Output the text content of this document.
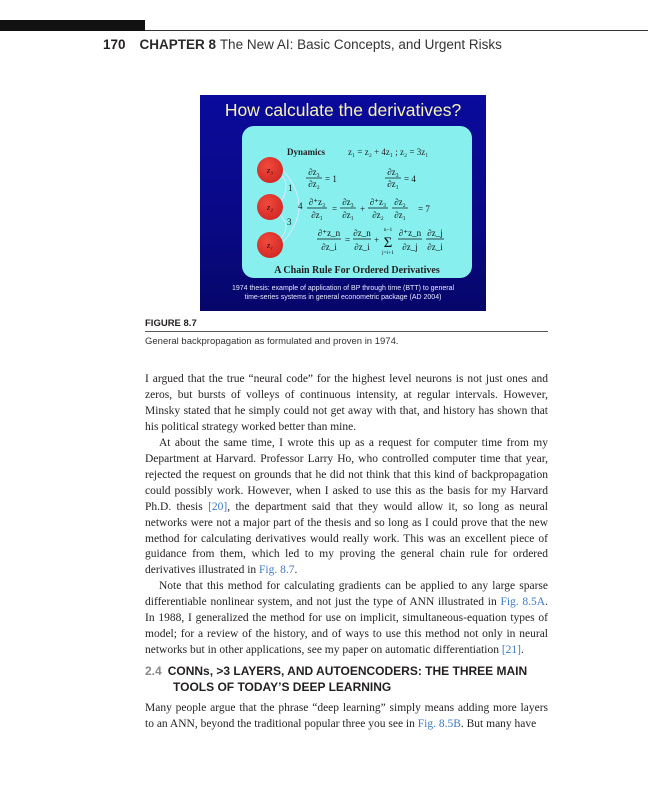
170 CHAPTER 8 The New AI: Basic Concepts, and Urgent Risks
How calculate the derivatives?
Dynamics	z₁ = z₂ + 4z₁ ; z₂ = 3z₁
∂z₃
∂z₂ = 1
∂z₃
∂z₁ = 4
∂⁺z₃
∂z₁
=
∂z₃
∂z₁
+
∂⁺z₃
∂z₂
∂z₂
∂z₁
= 7
∂⁺z_n
∂z_i
=
∂z_n
∂z_i
+
n−1
Σ
j=i+1
∂⁺z_n
∂z_j
∂z_j
∂z_i
A Chain Rule For Ordered Derivatives
1
4
3
z₃
z₂
z₁
1974 thesis: example of application of BP through time (BTT) to general
time-series systems in general econometric package (AD 2004)
FIGURE 8.7
General backpropagation as formulated and proven in 1974.

I argued that the true “neural code” for the highest level neurons is not just ones and zeros, but bursts of volleys of continuous intensity, at regular intervals. However, Minsky stated that he simply could not get away with that, and history has shown that his political strategy worked better than mine.

At about the same time, I wrote this up as a request for computer time from my Department at Harvard. Professor Larry Ho, who controlled computer time that year, rejected the request on grounds that he did not think that this kind of backpropagation could possibly work. However, when I asked to use this as the basis for my Harvard Ph.D. thesis [20], the department said that they would allow it, so long as neural networks were not a major part of the thesis and so long as I could prove that the new method for calculating derivatives would really work. This was an excellent piece of guidance from them, which led to my proving the general chain rule for ordered derivatives illustrated in Fig. 8.7.

Note that this method for calculating gradients can be applied to any large sparse differentiable nonlinear system, and not just the type of ANN illustrated in Fig. 8.5A. In 1988, I generalized the method for use on implicit, simultaneous-equation types of model; for a review of the history, and of ways to use this method not only in neural networks but in other applications, see my paper on automatic differentiation [21].

2.4 CONNs, >3 LAYERS, AND AUTOENCODERS: THE THREE MAIN
TOOLS OF TODAY’S DEEP LEARNING

Many people argue that the phrase “deep learning” simply means adding more layers to an ANN, beyond the traditional popular three you see in Fig. 8.5B. But many have
